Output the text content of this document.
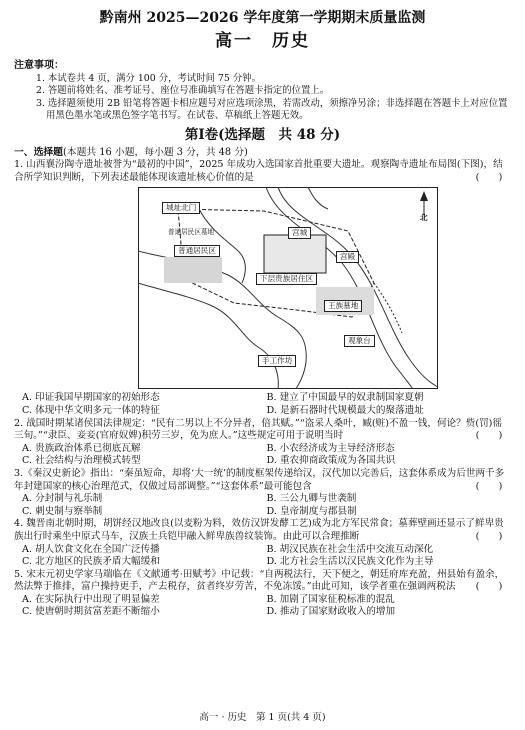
黔南州 2025—2026 学年度第一学期期末质量监测
高一　历史
注意事项：
1. 本试卷共 4 页，满分 100 分，考试时间 75 分钟。
2. 答题前将姓名、准考证号、座位号准确填写在答题卡指定的位置上。
3. 选择题须使用 2B 铅笔将答题卡相应题号对应选项涂黑，若需改动，须擦净另涂；非选择题在答题卡上对应位置用黑色墨水笔或黑色签字笔书写。在试卷、草稿纸上答题无效。
第Ⅰ卷(选择题　共 48 分)
一、选择题(本题共 16 小题，每小题 3 分，共 48 分)
1. 山西襄汾陶寺遗址被誉为“最初的中国”，2025 年成功入选国家首批重要大遗址。观察陶寺遗址布局图(下图)，结合所学知识判断，下列表述最能体现该遗址核心价值的是	(　　)
城址北门
普通居民区墓地
普通居民区
宫城
宫殿
下层贵族居住区
王族墓地
观象台
手工作坊
北
A. 印证我国早期国家的初始形态	B. 建立了中国最早的奴隶制国家夏朝
C. 体现中华文明多元一体的特征	D. 是新石器时代规模最大的聚落遗址
2. 战国时期某诸侯国法律规定：“民有二男以上不分异者，倍其赋。”“盗采人桑叶，臧(赃)不盈一钱，何论？赀(罚)徭三旬。”“隶臣、妾妾(官府奴婢)积劳三岁，免为庶人。”这些规定可用于说明当时	(　　)
A. 贵族政治体系已彻底瓦解	B. 小农经济成为主导经济形态
C. 社会结构与治理模式转型	D. 重农抑商政策成为各国共识
3.《秦汉史新论》指出：“秦虽短命，却将‘大一统’的制度框架传递给汉，汉代加以完善后，这套体系成为后世两千多年封建国家的核心治理范式，仅做过局部调整。”“这套体系”最可能包含	(　　)
A. 分封制与礼乐制	B. 三公九卿与世袭制
C. 刺史制与察举制	D. 皇帝制度与郡县制
4. 魏晋南北朝时期，胡饼经汉地改良(以麦粉为料，效仿汉饼发酵工艺)成为北方军民常食；墓葬壁画还显示了鲜卑贵族出行时乘坐中原式马车，汉族士兵铠甲融入鲜卑族兽纹装饰。由此可以合理推断	(　　)
A. 胡人饮食文化在全国广泛传播	B. 胡汉民族在社会生活中交流互动深化
C. 北方地区的民族矛盾大幅缓和	D. 北方社会生活以汉民族文化作为主导
5. 宋末元初史学家马端临在《文献通考·田赋考》中记载：“自两税法行，天下便之，朝廷府库充盈，州县始有盈余，然法弊于推排，富户操持更手，产去税存，贫者终岁劳苦，不免冻馁。”由此可知，该学者重在强调两税法	(　　)
A. 在实际执行中出现了明显偏差	B. 加剧了国家征税标准的混乱
C. 使唐朝时期贫富差距不断缩小	D. 推动了国家财政收入的增加
高一 · 历史　第 1 页(共 4 页)
